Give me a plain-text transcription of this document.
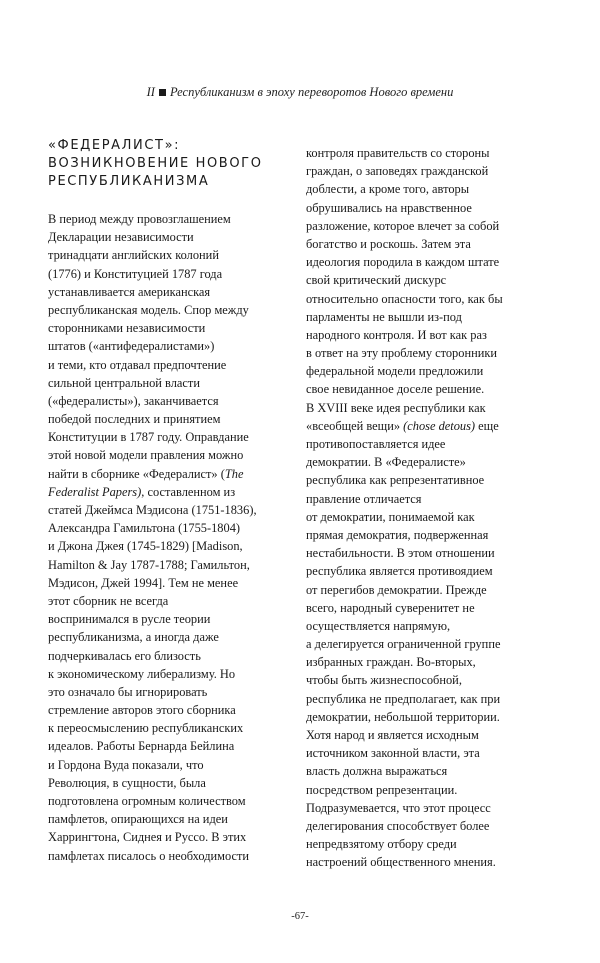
II Республиканизм в эпоху переворотов Нового времени
«ФЕДЕРАЛИСТ»:
ВОЗНИКНОВЕНИЕ НОВОГО
РЕСПУБЛИКАНИЗМА
В период между провозглашением
Декларации независимости
тринадцати английских колоний
(1776) и Конституцией 1787 года
устанавливается американская
республиканская модель. Спор между
сторонниками независимости
штатов («антифедералистами»)
и теми, кто отдавал предпочтение
сильной центральной власти
(«федералисты»), заканчивается
победой последних и принятием
Конституции в 1787 году. Оправдание
этой новой модели правления можно
найти в сборнике «Федералист» (The
Federalist Papers), составленном из
статей Джеймса Мэдисона (1751-1836),
Александра Гамильтона (1755-1804)
и Джона Джея (1745-1829) [Madison,
Hamilton & Jay 1787-1788; Гамильтон,
Мэдисон, Джей 1994]. Тем не менее
этот сборник не всегда
воспринимался в русле теории
республиканизма, а иногда даже
подчеркивалась его близость
к экономическому либерализму. Но
это означало бы игнорировать
стремление авторов этого сборника
к переосмыслению республиканских
идеалов. Работы Бернарда Бейлина
и Гордона Вуда показали, что
Революция, в сущности, была
подготовлена огромным количеством
памфлетов, опирающихся на идеи
Харрингтона, Сиднея и Руссо. В этих
памфлетах писалось о необходимости
контроля правительств со стороны
граждан, о заповедях гражданской
доблести, а кроме того, авторы
обрушивались на нравственное
разложение, которое влечет за собой
богатство и роскошь. Затем эта
идеология породила в каждом штате
свой критический дискурс
относительно опасности того, как бы
парламенты не вышли из-под
народного контроля. И вот как раз
в ответ на эту проблему сторонники
федеральной модели предложили
свое невиданное доселе решение.
В XVIII веке идея республики как
«всеобщей вещи» (chose detous) еще
противопоставляется идее
демократии. В «Федералисте»
республика как репрезентативное
правление отличается
от демократии, понимаемой как
прямая демократия, подверженная
нестабильности. В этом отношении
республика является противоядием
от перегибов демократии. Прежде
всего, народный суверенитет не
осуществляется напрямую,
а делегируется ограниченной группе
избранных граждан. Во-вторых,
чтобы быть жизнеспособной,
республика не предполагает, как при
демократии, небольшой территории.
Хотя народ и является исходным
источником законной власти, эта
власть должна выражаться
посредством репрезентации.
Подразумевается, что этот процесс
делегирования способствует более
непредвзятому отбору среди
настроений общественного мнения.
-67-
